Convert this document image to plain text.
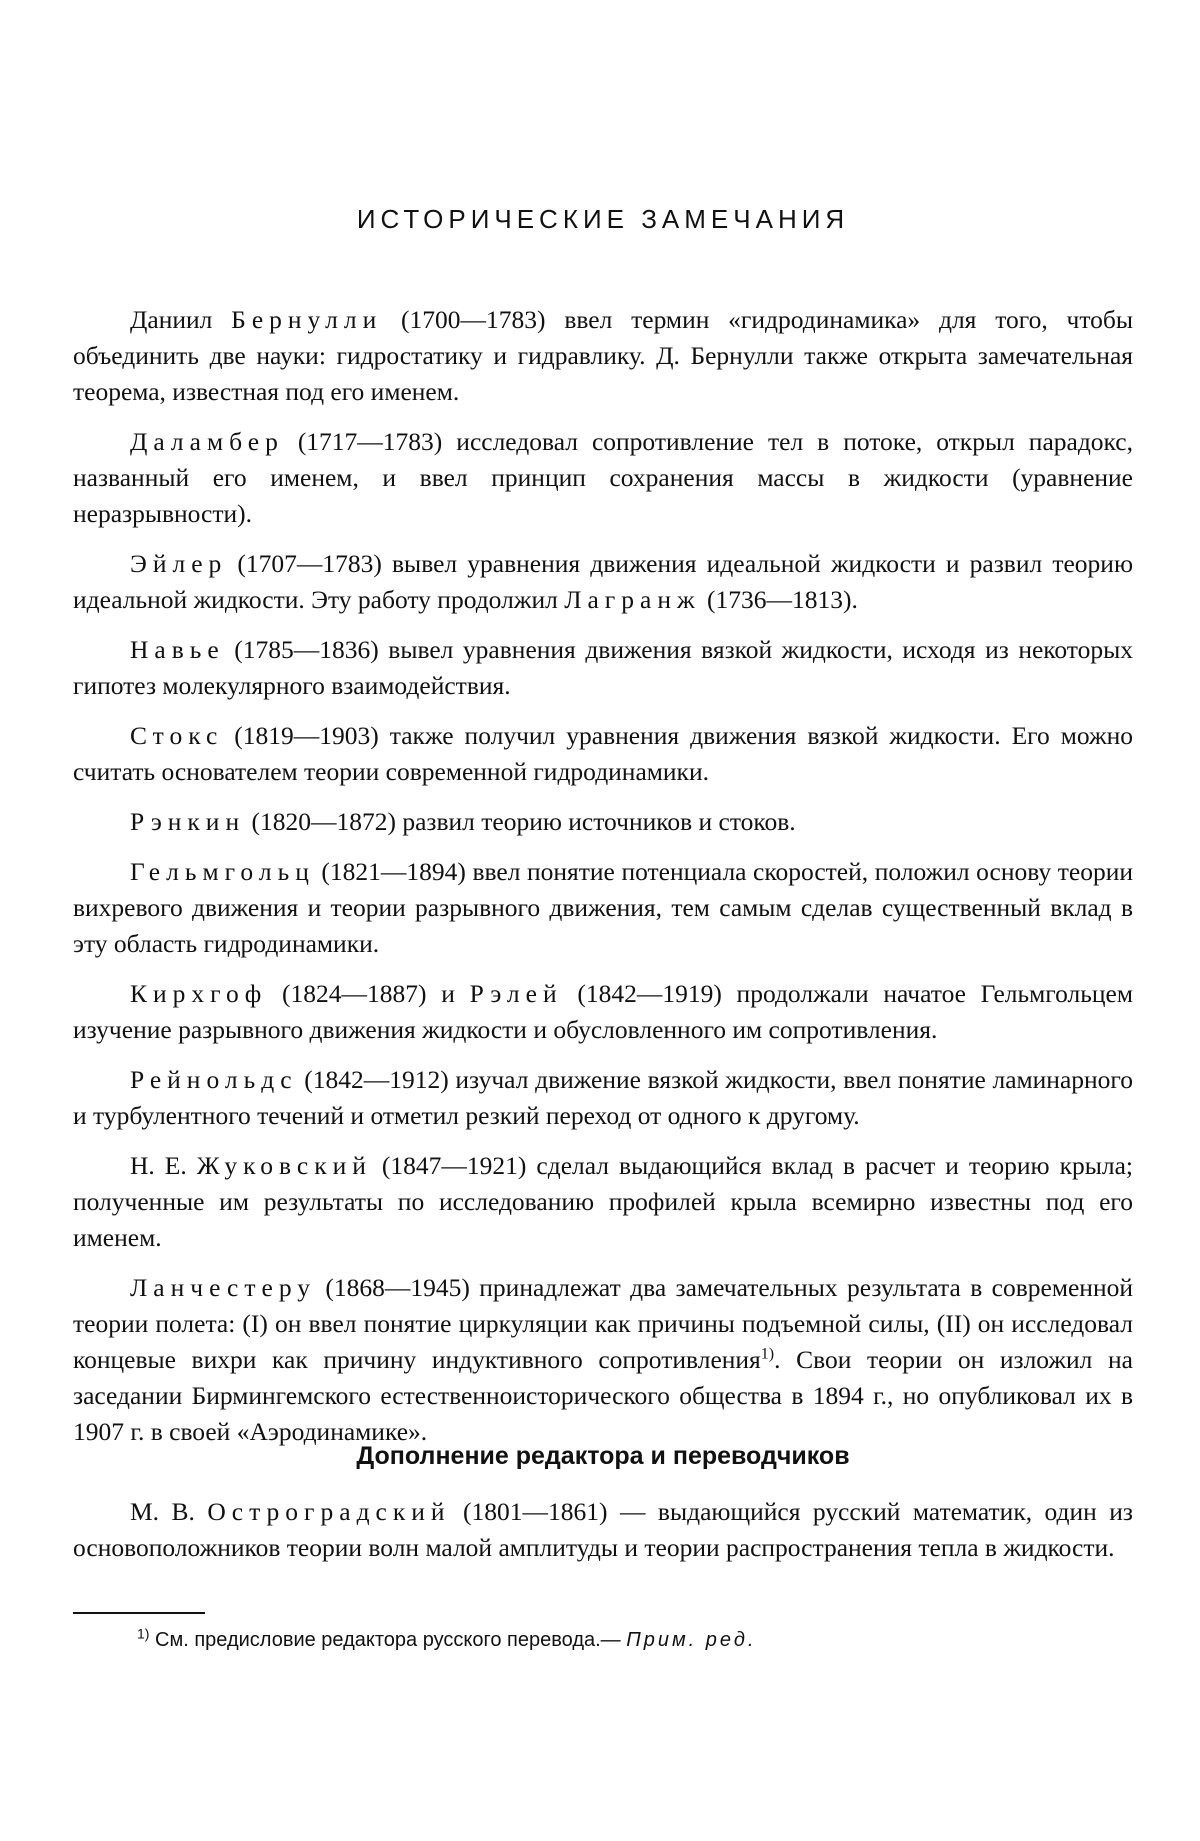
ИСТОРИЧЕСКИЕ ЗАМЕЧАНИЯ

Даниил Бернулли (1700—1783) ввел термин «гидродинамика» для того, чтобы объединить две науки: гидростатику и гидравлику. Д. Бернулли также открыта замечательная теорема, известная под его именем.

Даламбер (1717—1783) исследовал сопротивление тел в потоке, открыл парадокс, названный его именем, и ввел принцип сохранения массы в жидкости (уравнение неразрывности).

Эйлер (1707—1783) вывел уравнения движения идеальной жидкости и развил теорию идеальной жидкости. Эту работу продолжил Лагранж (1736—1813).

Навье (1785—1836) вывел уравнения движения вязкой жидкости, исходя из некоторых гипотез молекулярного взаимодействия.

Стокс (1819—1903) также получил уравнения движения вязкой жидкости. Его можно считать основателем теории современной гидродинамики.

Рэнкин (1820—1872) развил теорию источников и стоков.

Гельмгольц (1821—1894) ввел понятие потенциала скоростей, положил основу теории вихревого движения и теории разрывного движения, тем самым сделав существенный вклад в эту область гидродинамики.

Кирхгоф (1824—1887) и Рэлей (1842—1919) продолжали начатое Гельмгольцем изучение разрывного движения жидкости и обусловленного им сопротивления.

Рейнольдс (1842—1912) изучал движение вязкой жидкости, ввел понятие ламинарного и турбулентного течений и отметил резкий переход от одного к другому.

Н. Е. Жуковский (1847—1921) сделал выдающийся вклад в расчет и теорию крыла; полученные им результаты по исследованию профилей крыла всемирно известны под его именем.

Ланчестеру (1868—1945) принадлежат два замечательных результата в современной теории полета: (I) он ввел понятие циркуляции как причины подъемной силы, (II) он исследовал концевые вихри как причину индуктивного сопротивления$^{1)}$. Свои теории он изложил на заседании Бирмингемского естественноисторического общества в 1894 г., но опубликовал их в 1907 г. в своей «Аэродинамике».

Дополнение редактора и переводчиков

М. В. Остроградский (1801—1861) — выдающийся русский математик, один из основоположников теории волн малой амплитуды и теории распространения тепла в жидкости.

$^{1)}$ См. предисловие редактора русского перевода.— Прим. ред.
